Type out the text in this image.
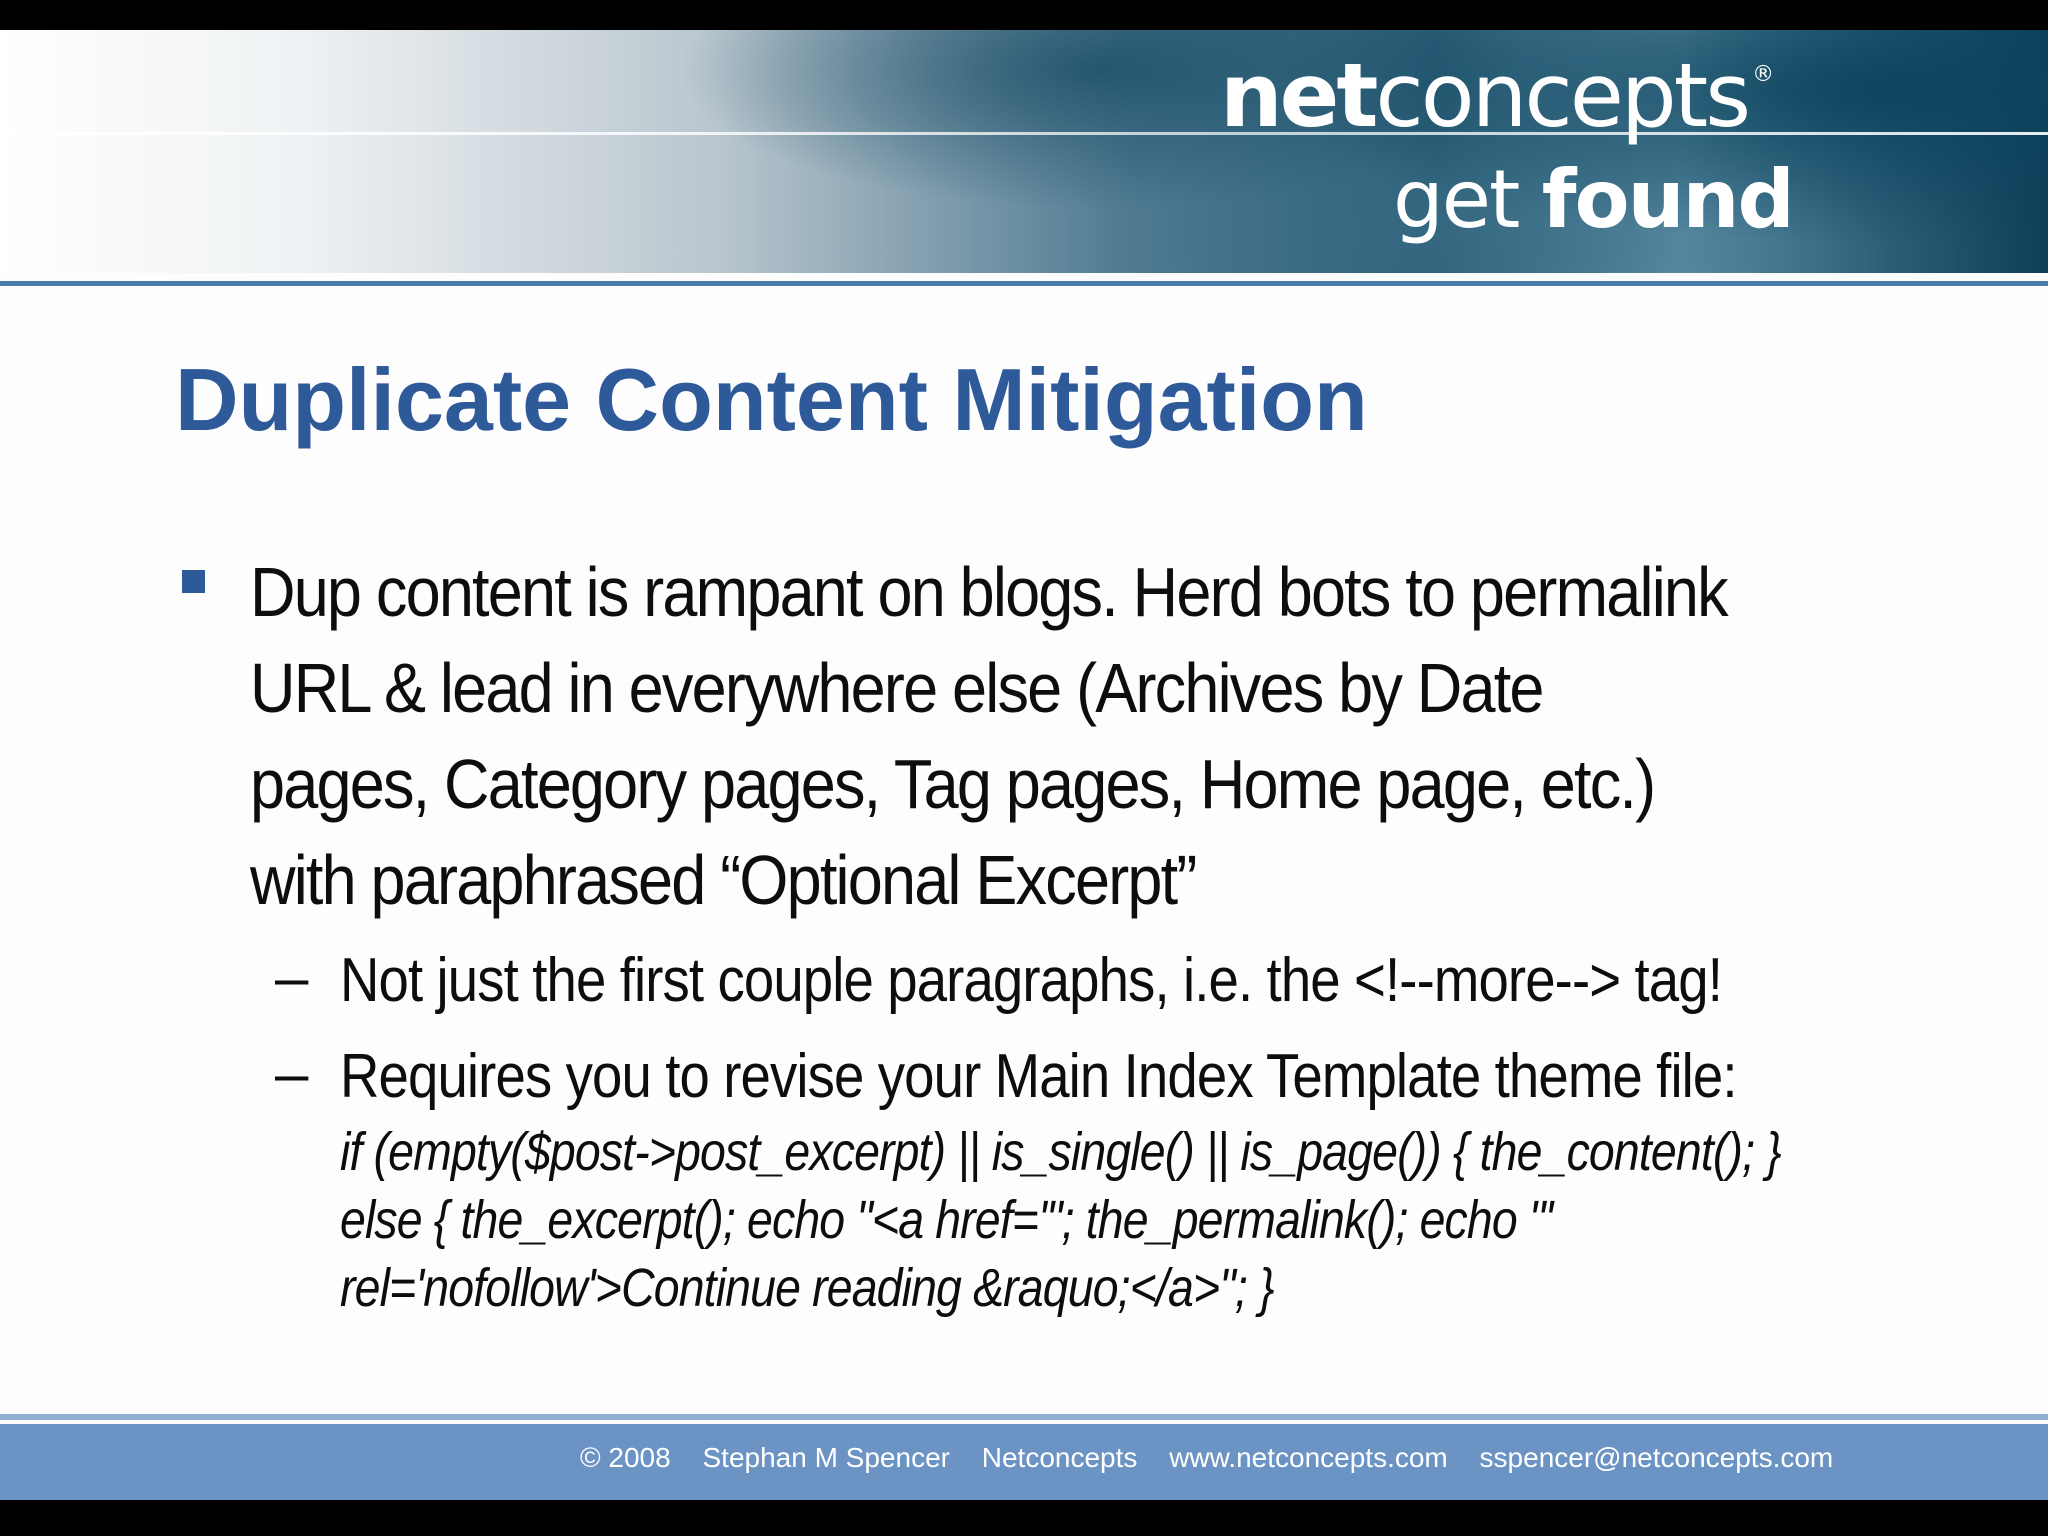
netconcepts ®
get found
Duplicate Content Mitigation
Dup content is rampant on blogs. Herd bots to permalink URL & lead in everywhere else (Archives by Date pages, Category pages, Tag pages, Home page, etc.) with paraphrased “Optional Excerpt”
– Not just the first couple paragraphs, i.e. the <!--more--> tag!
– Requires you to revise your Main Index Template theme file:
if (empty($post->post_excerpt) || is_single() || is_page()) { the_content(); }
else { the_excerpt(); echo "<a href='"; the_permalink(); echo "'
rel='nofollow'>Continue reading &raquo;</a>"; }
© 2008 Stephan M Spencer Netconcepts www.netconcepts.com sspencer@netconcepts.com
